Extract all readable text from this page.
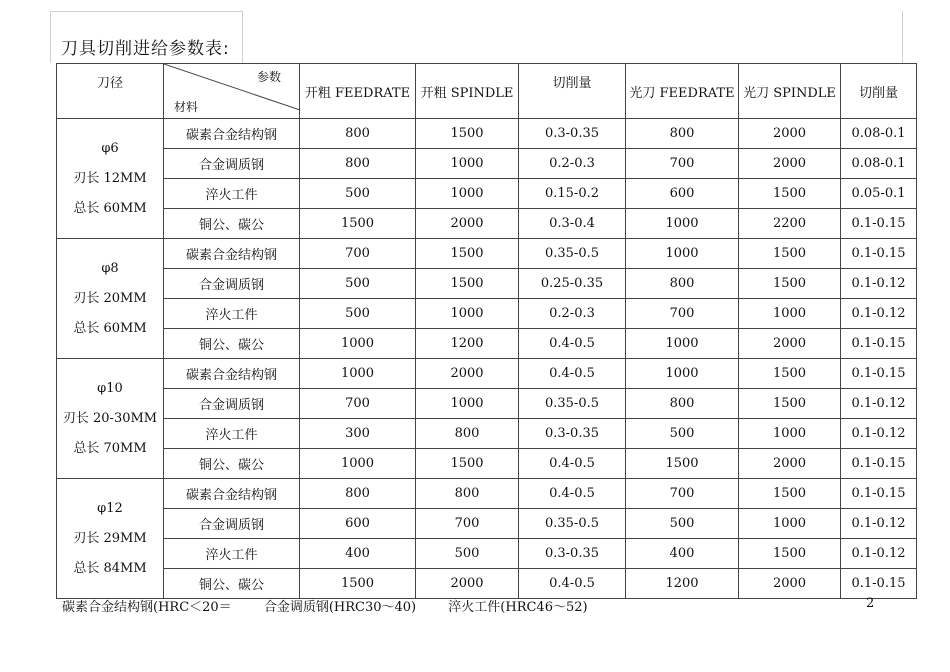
刀具切削进给参数表:
刀径	参数
材料	开粗 FEEDRATE	开粗 SPINDLE	切削量	光刀 FEEDRATE	光刀 SPINDLE	切削量

φ6
刃长 12MM
总长 60MM	碳素合金结构钢	800	1500	0.3-0.35	800	2000	0.08-0.1
	合金调质钢	800	1000	0.2-0.3	700	2000	0.08-0.1
	淬火工件	500	1000	0.15-0.2	600	1500	0.05-0.1
	铜公、碳公	1500	2000	0.3-0.4	1000	2200	0.1-0.15

φ8
刃长 20MM
总长 60MM	碳素合金结构钢	700	1500	0.35-0.5	1000	1500	0.1-0.15
	合金调质钢	500	1500	0.25-0.35	800	1500	0.1-0.12
	淬火工件	500	1000	0.2-0.3	700	1000	0.1-0.12
	铜公、碳公	1000	1200	0.4-0.5	1000	2000	0.1-0.15

φ10
刃长 20-30MM
总长 70MM	碳素合金结构钢	1000	2000	0.4-0.5	1000	1500	0.1-0.15
	合金调质钢	700	1000	0.35-0.5	800	1500	0.1-0.12
	淬火工件	300	800	0.3-0.35	500	1000	0.1-0.12
	铜公、碳公	1000	1500	0.4-0.5	1500	2000	0.1-0.15

φ12
刃长 29MM
总长 84MM	碳素合金结构钢	800	800	0.4-0.5	700	1500	0.1-0.15
	合金调质钢	600	700	0.35-0.5	500	1000	0.1-0.12
	淬火工件	400	500	0.3-0.35	400	1500	0.1-0.12
	铜公、碳公	1500	2000	0.4-0.5	1200	2000	0.1-0.15
碳素合金结构钢(HRC＜20＝ 合金调质钢(HRC30～40) 淬火工件(HRC46～52)	2
